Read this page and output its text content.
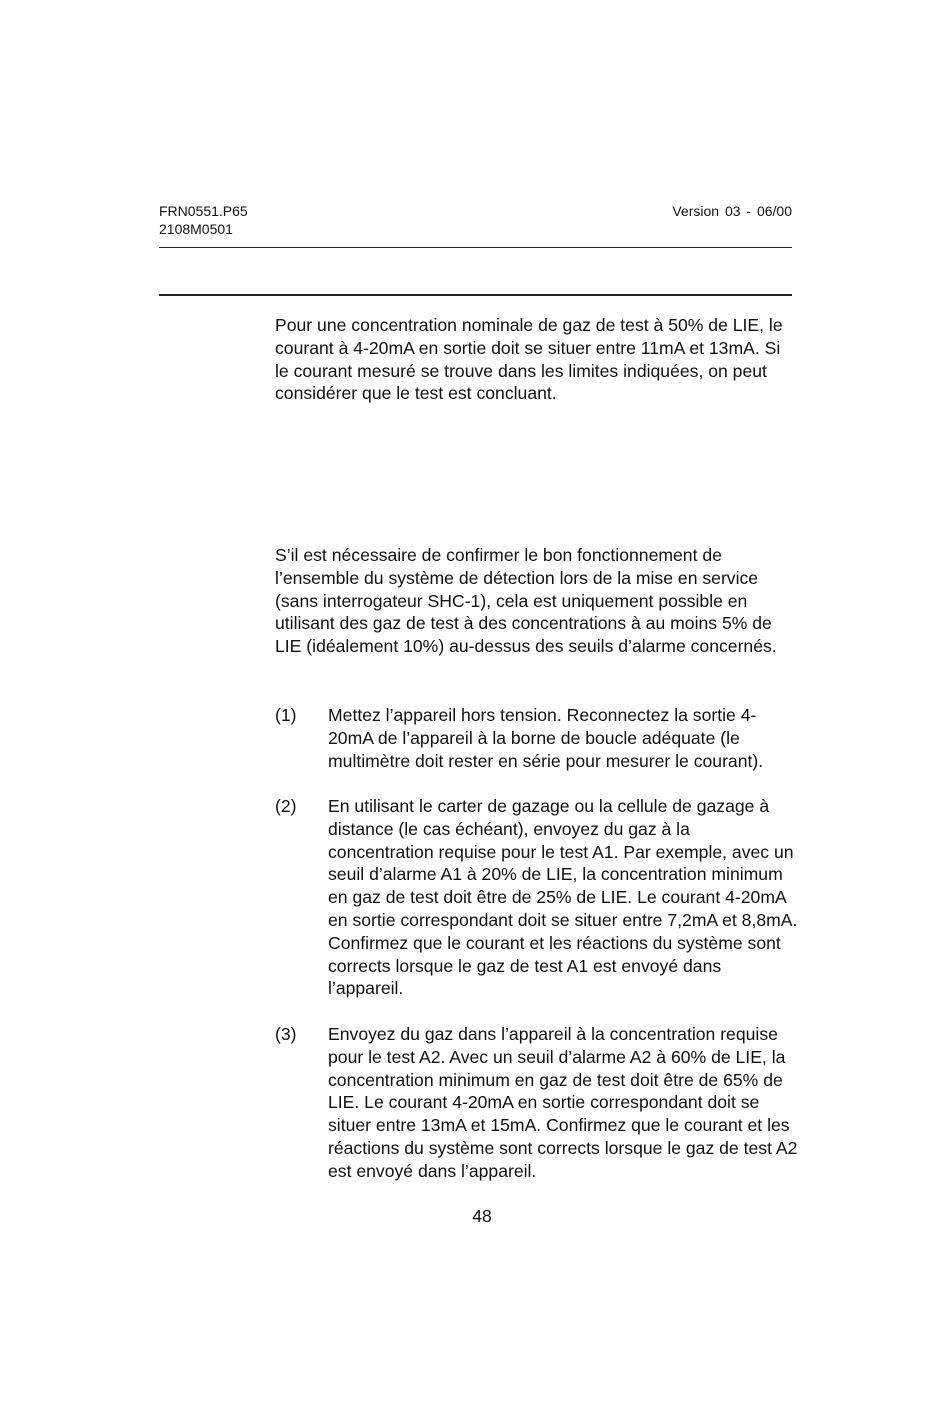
FRN0551.P65
2108M0501
Version 03 - 06/00

Pour une concentration nominale de gaz de test à 50% de LIE, le courant à 4-20mA en sortie doit se situer entre 11mA et 13mA. Si le courant mesuré se trouve dans les limites indiquées, on peut considérer que le test est concluant.

S’il est nécessaire de confirmer le bon fonctionnement de l’ensemble du système de détection lors de la mise en service (sans interrogateur SHC-1), cela est uniquement possible en utilisant des gaz de test à des concentrations à au moins 5% de LIE (idéalement 10%) au-dessus des seuils d’alarme concernés.

(1) Mettez l’appareil hors tension. Reconnectez la sortie 4-20mA de l’appareil à la borne de boucle adéquate (le multimètre doit rester en série pour mesurer le courant).
(2) En utilisant le carter de gazage ou la cellule de gazage à distance (le cas échéant), envoyez du gaz à la concentration requise pour le test A1. Par exemple, avec un seuil d’alarme A1 à 20% de LIE, la concentration minimum en gaz de test doit être de 25% de LIE. Le courant 4-20mA en sortie correspondant doit se situer entre 7,2mA et 8,8mA. Confirmez que le courant et les réactions du système sont corrects lorsque le gaz de test A1 est envoyé dans l’appareil.
(3) Envoyez du gaz dans l’appareil à la concentration requise pour le test A2. Avec un seuil d’alarme A2 à 60% de LIE, la concentration minimum en gaz de test doit être de 65% de LIE. Le courant 4-20mA en sortie correspondant doit se situer entre 13mA et 15mA. Confirmez que le courant et les réactions du système sont corrects lorsque le gaz de test A2 est envoyé dans l’appareil.
48
